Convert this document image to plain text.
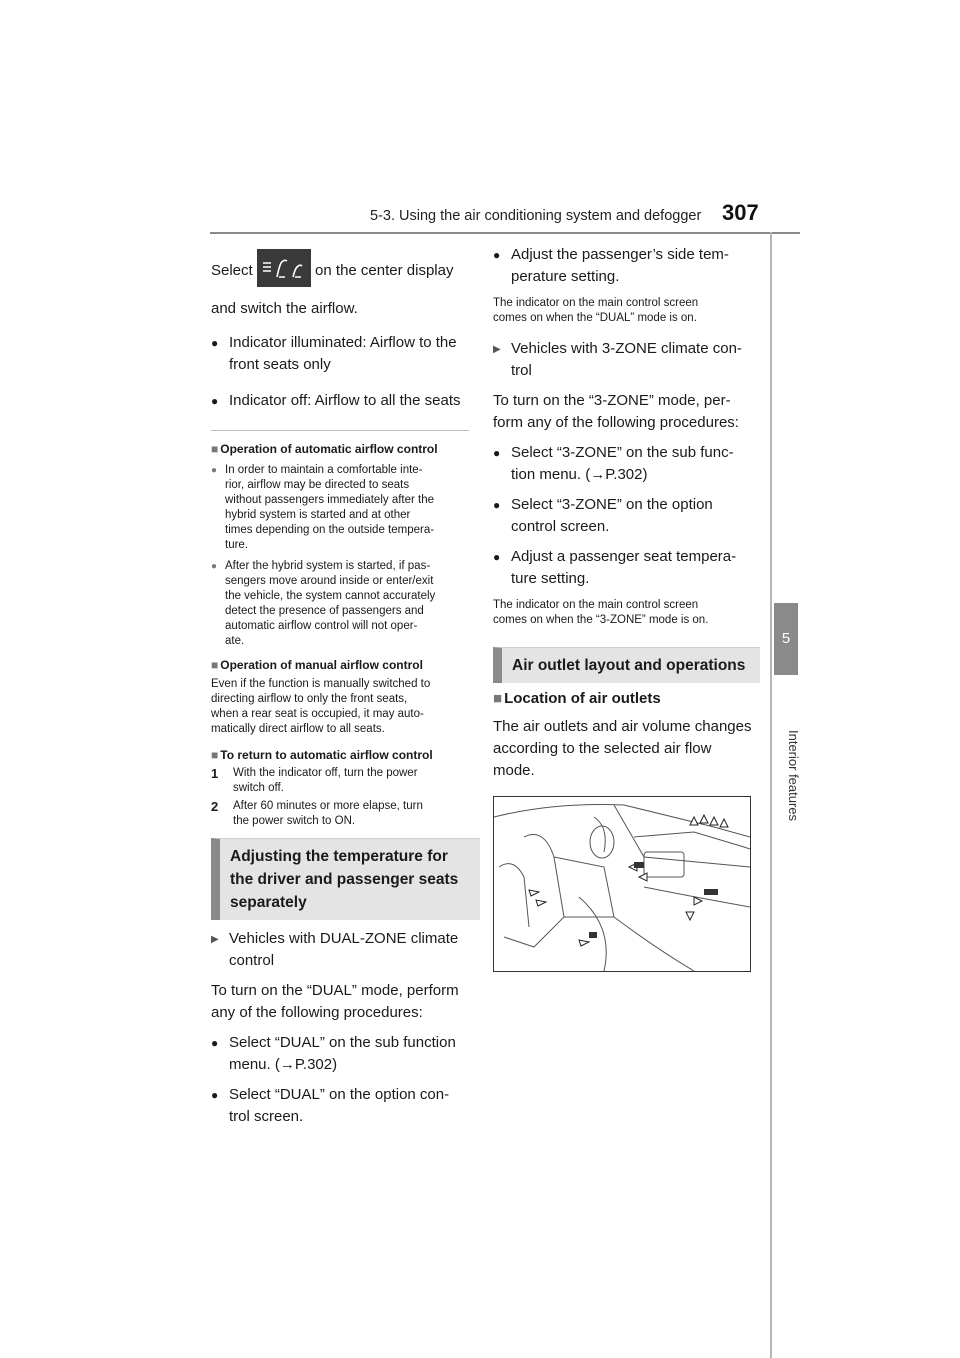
5-3. Using the air conditioning system and defogger 307
5
Interior features
Select	on the center display
and switch the airflow.
● Indicator illuminated: Airflow to the
front seats only
● Indicator off: Airflow to all the seats
■ Operation of automatic airflow control
● In order to maintain a comfortable inte-
rior, airflow may be directed to seats
without passengers immediately after the
hybrid system is started and at other
times depending on the outside tempera-
ture.
● After the hybrid system is started, if pas-
sengers move around inside or enter/exit
the vehicle, the system cannot accurately
detect the presence of passengers and
automatic airflow control will not oper-
ate.
■ Operation of manual airflow control
Even if the function is manually switched to
directing airflow to only the front seats,
when a rear seat is occupied, it may auto-
matically direct airflow to all seats.
■ To return to automatic airflow control
1 With the indicator off, turn the power
switch off.
2 After 60 minutes or more elapse, turn
the power switch to ON.
Adjusting the temperature for
the driver and passenger seats
separately
▶ Vehicles with DUAL-ZONE climate
control
To turn on the “DUAL” mode, perform
any of the following procedures:
● Select “DUAL” on the sub function
menu. (→P.302)
● Select “DUAL” on the option con-
trol screen.
● Adjust the passenger’s side tem-
perature setting.
The indicator on the main control screen
comes on when the “DUAL” mode is on.
▶ Vehicles with 3-ZONE climate con-
trol
To turn on the “3-ZONE” mode, per-
form any of the following procedures:
● Select “3-ZONE” on the sub func-
tion menu. (→P.302)
● Select “3-ZONE” on the option
control screen.
● Adjust a passenger seat tempera-
ture setting.
The indicator on the main control screen
comes on when the “3-ZONE” mode is on.
Air outlet layout and operations
■ Location of air outlets
The air outlets and air volume changes
according to the selected air flow
mode.
